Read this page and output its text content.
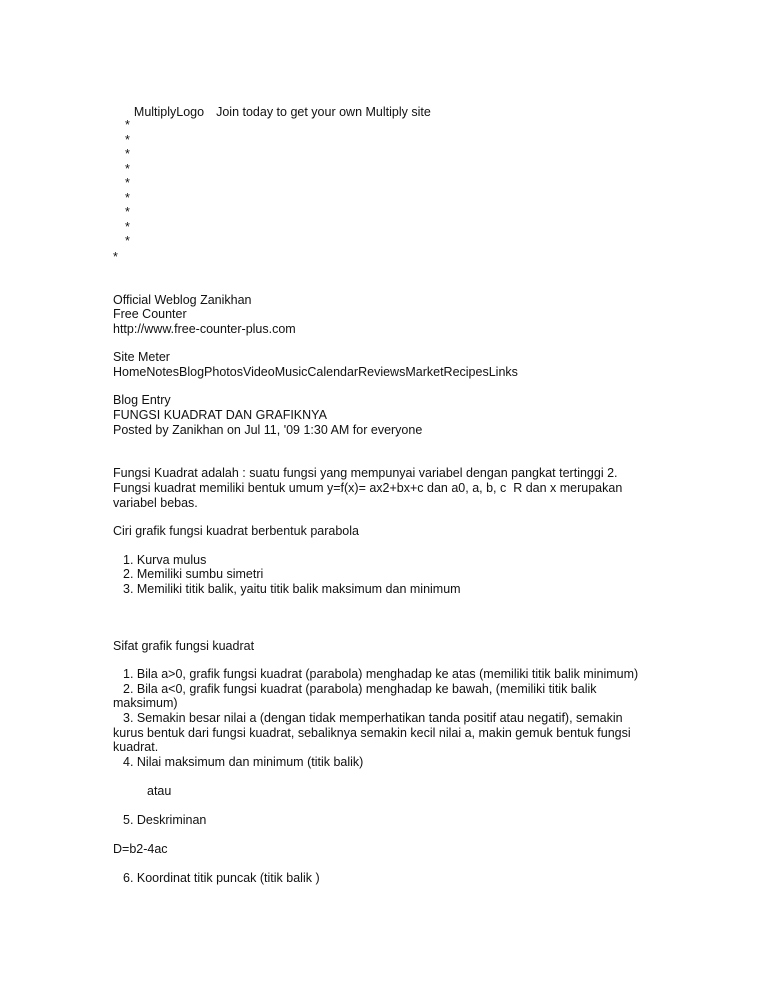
MultiplyLogo Join today to get your own Multiply site

*
*
*
*
*
*
*
*
*
*
Official Weblog Zanikhan
Free Counter
http://www.free-counter-plus.com
Site Meter
HomeNotesBlogPhotosVideoMusicCalendarReviewsMarketRecipesLinks
Blog Entry
FUNGSI KUADRAT DAN GRAFIKNYA
Posted by Zanikhan on Jul 11, '09 1:30 AM for everyone
Fungsi Kuadrat adalah : suatu fungsi yang mempunyai variabel dengan pangkat tertinggi 2.
Fungsi kuadrat memiliki bentuk umum y=f(x)= ax2+bx+c dan a0, a, b, c  R dan x merupakan
variabel bebas.
Ciri grafik fungsi kuadrat berbentuk parabola
1. Kurva mulus
2. Memiliki sumbu simetri
3. Memiliki titik balik, yaitu titik balik maksimum dan minimum
Sifat grafik fungsi kuadrat
1. Bila a>0, grafik fungsi kuadrat (parabola) menghadap ke atas (memiliki titik balik minimum)
2. Bila a<0, grafik fungsi kuadrat (parabola) menghadap ke bawah, (memiliki titik balik
maksimum)
3. Semakin besar nilai a (dengan tidak memperhatikan tanda positif atau negatif), semakin
kurus bentuk dari fungsi kuadrat, sebaliknya semakin kecil nilai a, makin gemuk bentuk fungsi
kuadrat.
4. Nilai maksimum dan minimum (titik balik)
atau
5. Deskriminan
D=b2-4ac
6. Koordinat titik puncak (titik balik )
